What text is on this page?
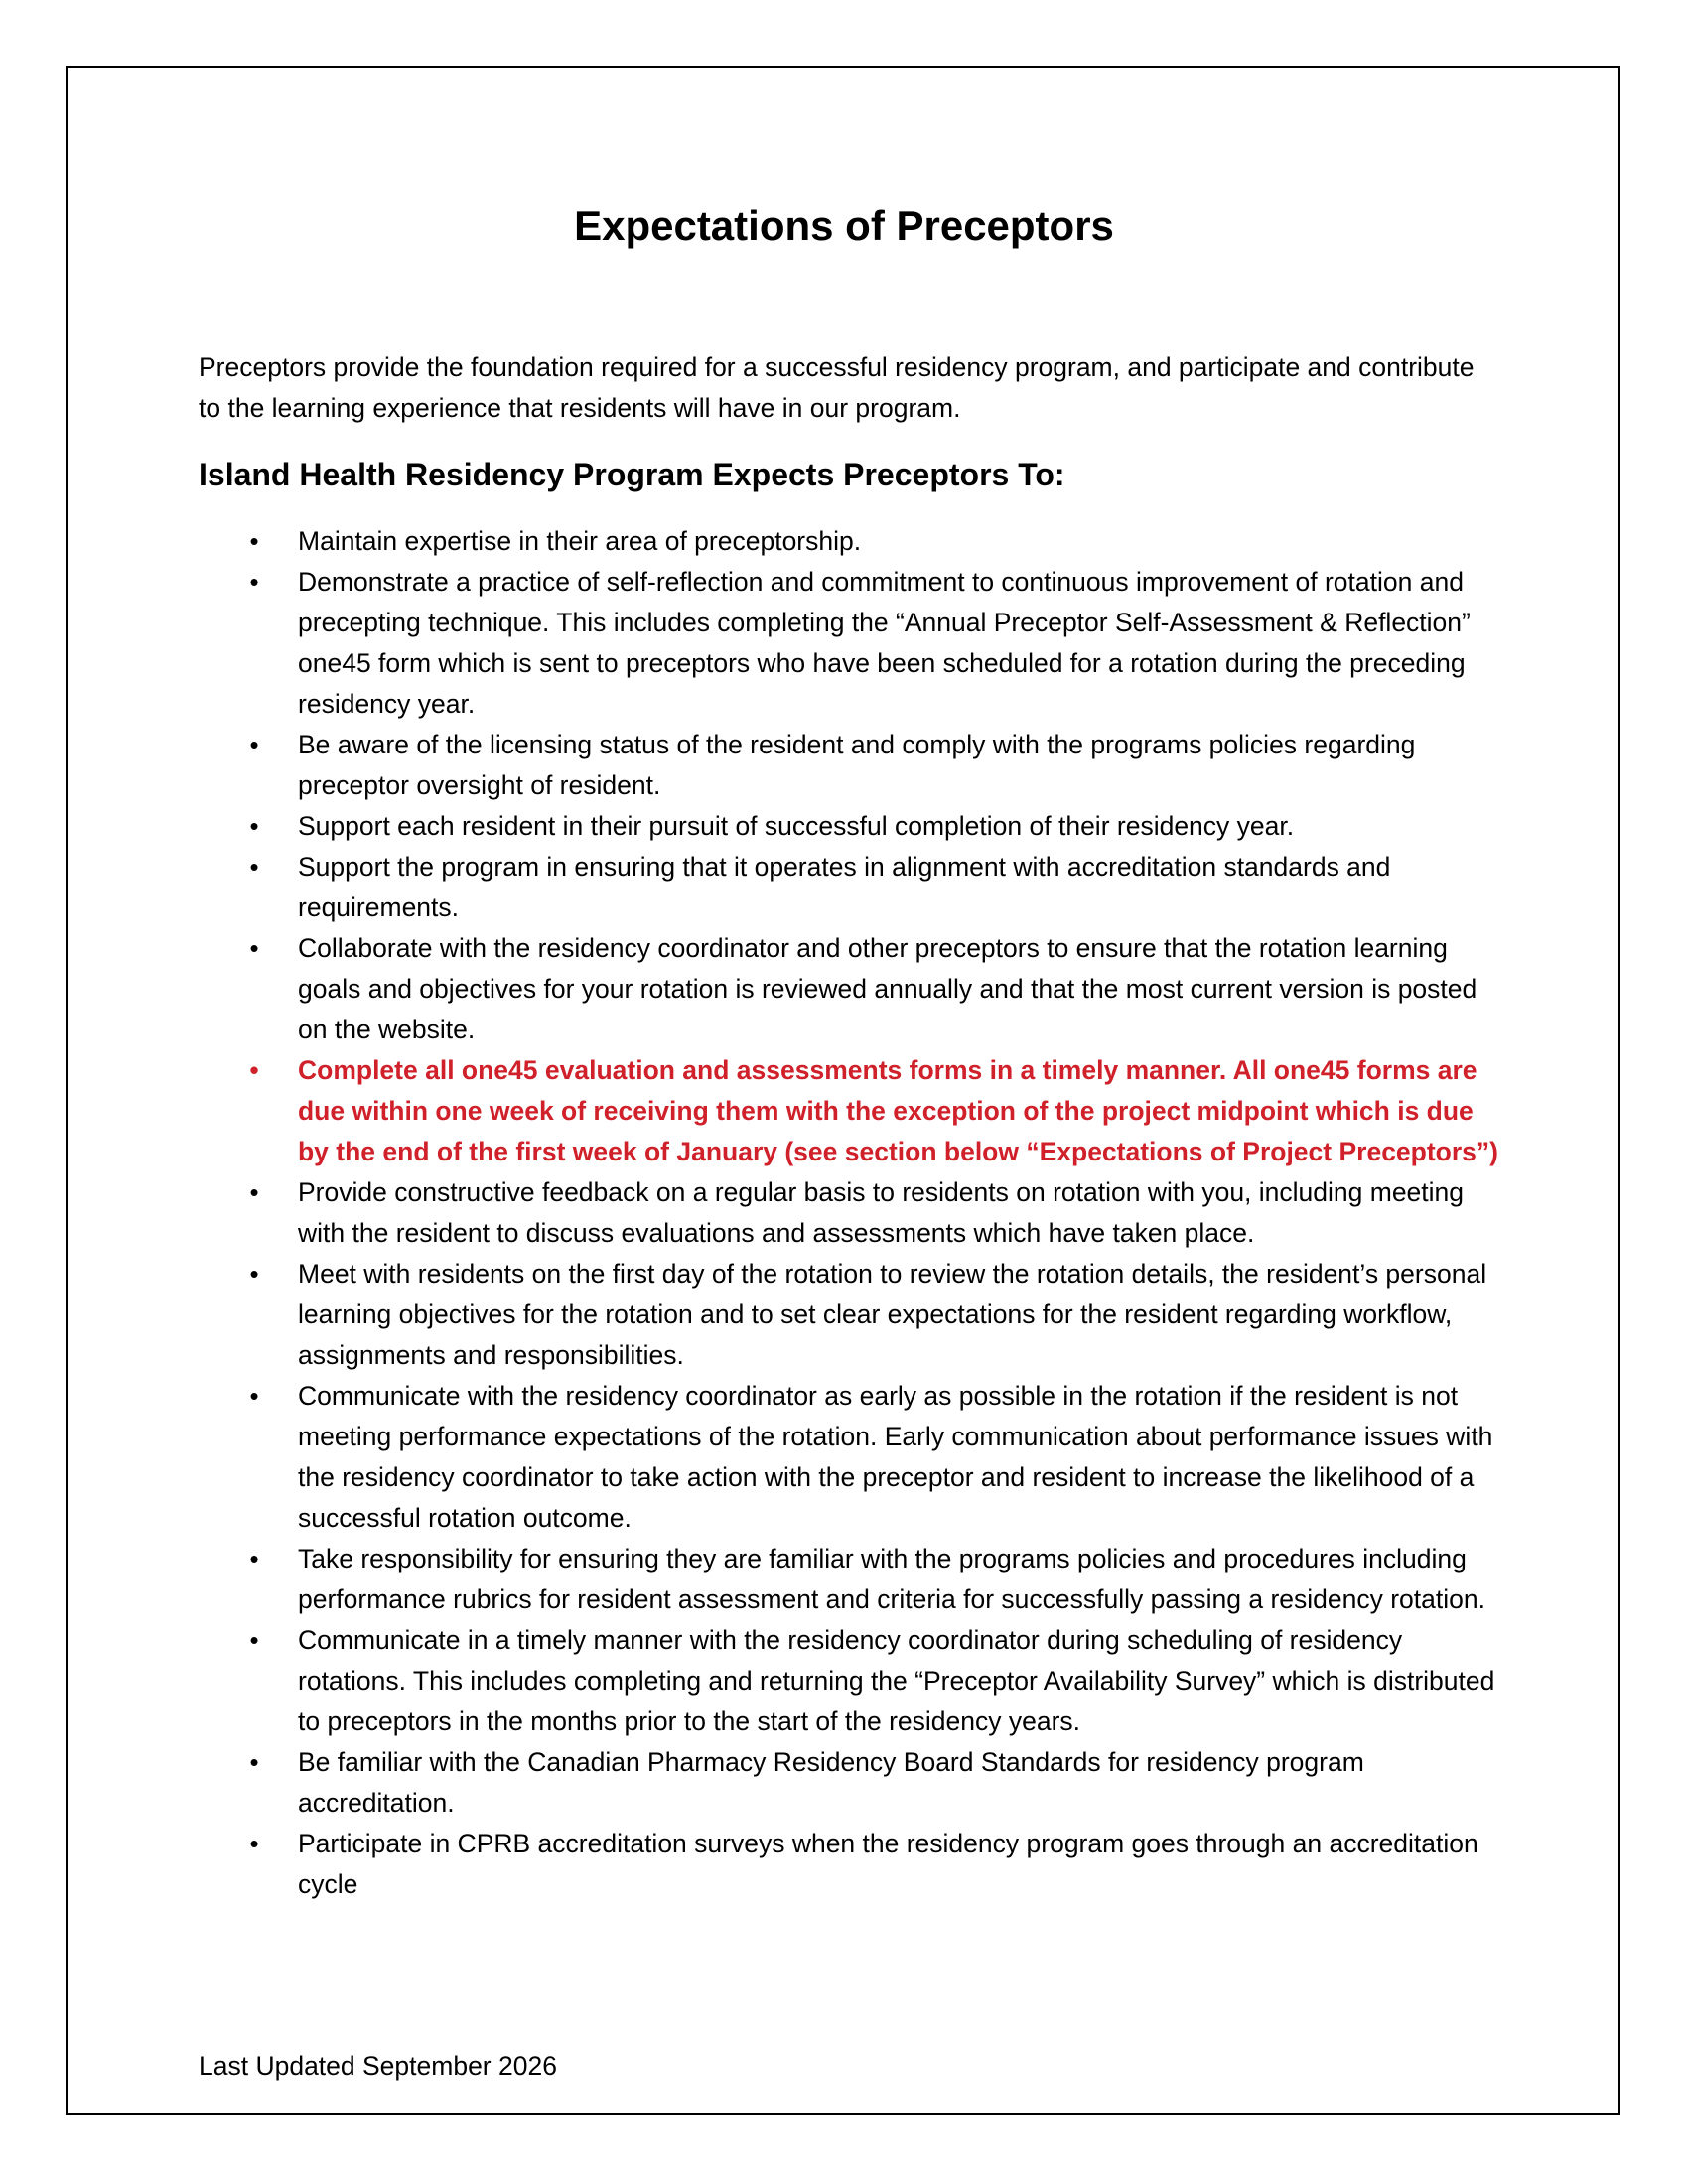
Expectations of Preceptors

Preceptors provide the foundation required for a successful residency program, and participate and contribute to the learning experience that residents will have in our program.

Island Health Residency Program Expects Preceptors To:
• Maintain expertise in their area of preceptorship.
• Demonstrate a practice of self-reflection and commitment to continuous improvement of rotation and precepting technique. This includes completing the “Annual Preceptor Self-Assessment & Reflection” one45 form which is sent to preceptors who have been scheduled for a rotation during the preceding residency year.
• Be aware of the licensing status of the resident and comply with the programs policies regarding preceptor oversight of resident.
• Support each resident in their pursuit of successful completion of their residency year.
• Support the program in ensuring that it operates in alignment with accreditation standards and requirements.
• Collaborate with the residency coordinator and other preceptors to ensure that the rotation learning goals and objectives for your rotation is reviewed annually and that the most current version is posted on the website.
• Complete all one45 evaluation and assessments forms in a timely manner. All one45 forms are due within one week of receiving them with the exception of the project midpoint which is due by the end of the first week of January (see section below “Expectations of Project Preceptors”)
• Provide constructive feedback on a regular basis to residents on rotation with you, including meeting with the resident to discuss evaluations and assessments which have taken place.
• Meet with residents on the first day of the rotation to review the rotation details, the resident’s personal learning objectives for the rotation and to set clear expectations for the resident regarding workflow, assignments and responsibilities.
• Communicate with the residency coordinator as early as possible in the rotation if the resident is not meeting performance expectations of the rotation. Early communication about performance issues with the residency coordinator to take action with the preceptor and resident to increase the likelihood of a successful rotation outcome.
• Take responsibility for ensuring they are familiar with the programs policies and procedures including performance rubrics for resident assessment and criteria for successfully passing a residency rotation.
• Communicate in a timely manner with the residency coordinator during scheduling of residency rotations. This includes completing and returning the “Preceptor Availability Survey” which is distributed to preceptors in the months prior to the start of the residency years.
• Be familiar with the Canadian Pharmacy Residency Board Standards for residency program accreditation.
• Participate in CPRB accreditation surveys when the residency program goes through an accreditation cycle

Last Updated September 2026
